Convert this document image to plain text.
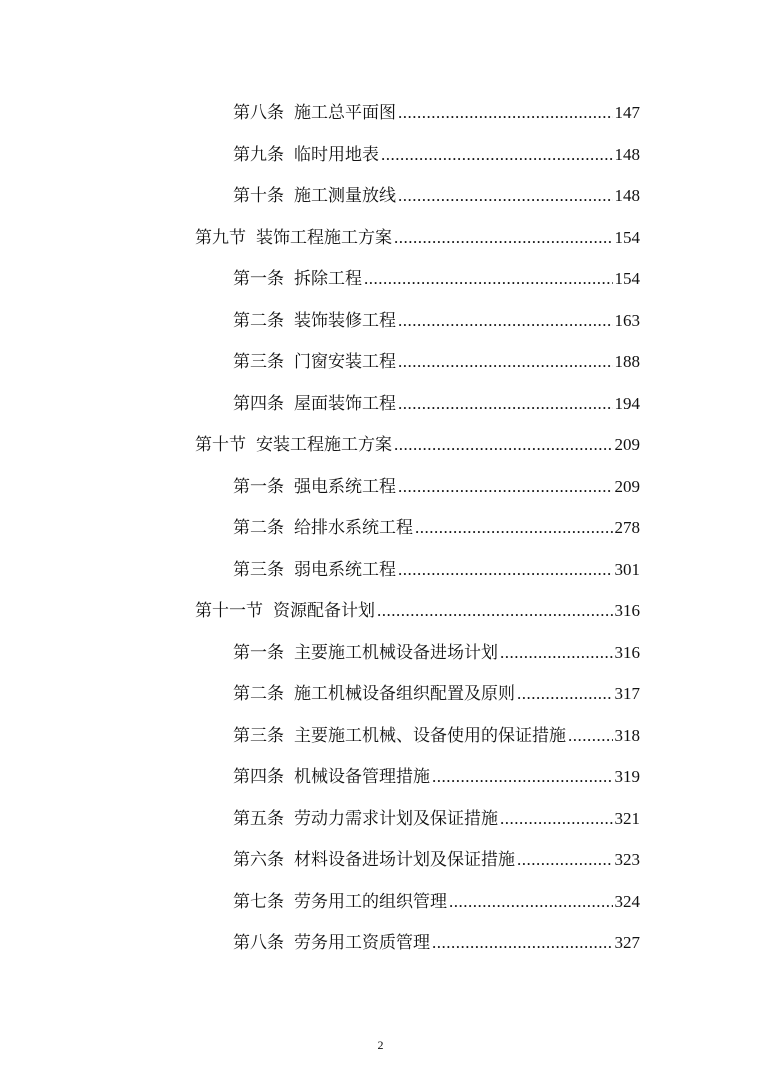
第八条 施工总平面图 .....	147
第九条 临时用地表 .....	148
第十条 施工测量放线 .....	148
第九节 装饰工程施工方案 .....	154
第一条 拆除工程 .....	154
第二条 装饰装修工程 .....	163
第三条 门窗安装工程 .....	188
第四条 屋面装饰工程 .....	194
第十节 安装工程施工方案 .....	209
第一条 强电系统工程 .....	209
第二条 给排水系统工程 .....	278
第三条 弱电系统工程 .....	301
第十一节 资源配备计划 .....	316
第一条 主要施工机械设备进场计划 .....	316
第二条 施工机械设备组织配置及原则 .....	317
第三条 主要施工机械、设备使用的保证措施 .....	318
第四条 机械设备管理措施 .....	319
第五条 劳动力需求计划及保证措施 .....	321
第六条 材料设备进场计划及保证措施 .....	323
第七条 劳务用工的组织管理 .....	324
第八条 劳务用工资质管理 .....	327
2
